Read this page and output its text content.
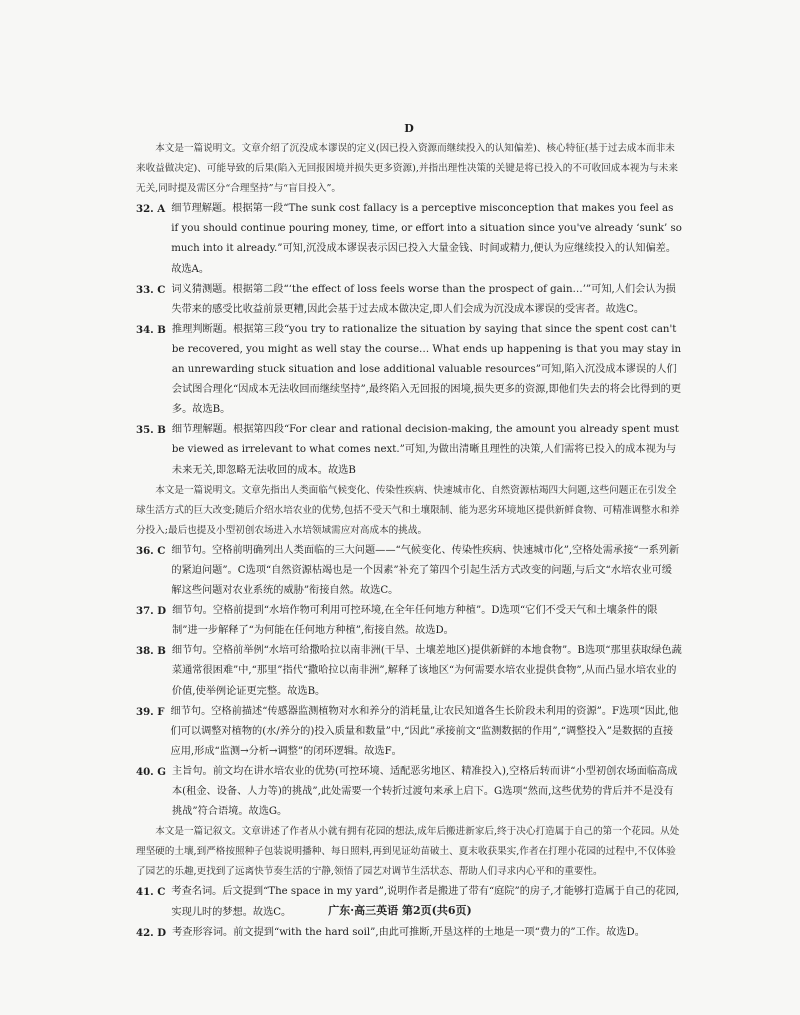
D

本文是一篇说明文。文章介绍了沉没成本谬误的定义(因已投入资源而继续投入的认知偏差)、核心特征(基于过去成本而非未来收益做决定)、可能导致的后果(陷入无回报困境并损失更多资源),并指出理性决策的关键是将已投入的不可收回成本视为与未来无关,同时提及需区分“合理坚持”与“盲目投入”。

32. A 细节理解题。根据第一段“The sunk cost fallacy is a perceptive misconception that makes you feel as if you should continue pouring money, time, or effort into a situation since you've already ‘sunk’ so much into it already.”可知,沉没成本谬误表示因已投入大量金钱、时间或精力,便认为应继续投入的认知偏差。故选A。

33. C 词义猜测题。根据第二段“‘the effect of loss feels worse than the prospect of gain…’”可知,人们会认为损失带来的感受比收益前景更糟,因此会基于过去成本做决定,即人们会成为沉没成本谬误的受害者。故选C。

34. B 推理判断题。根据第三段“you try to rationalize the situation by saying that since the spent cost can't be recovered, you might as well stay the course… What ends up happening is that you may stay in an unrewarding stuck situation and lose additional valuable resources”可知,陷入沉没成本谬误的人们会试图合理化“因成本无法收回而继续坚持”,最终陷入无回报的困境,损失更多的资源,即他们失去的将会比得到的更多。故选B。

35. B 细节理解题。根据第四段“For clear and rational decision-making, the amount you already spent must be viewed as irrelevant to what comes next.”可知,为做出清晰且理性的决策,人们需将已投入的成本视为与未来无关,即忽略无法收回的成本。故选B

本文是一篇说明文。文章先指出人类面临气候变化、传染性疾病、快速城市化、自然资源枯竭四大问题,这些问题正在引发全球生活方式的巨大改变;随后介绍水培农业的优势,包括不受天气和土壤限制、能为恶劣环境地区提供新鲜食物、可精准调整水和养分投入;最后也提及小型初创农场进入水培领域需应对高成本的挑战。

36. C 细节句。空格前明确列出人类面临的三大问题——“气候变化、传染性疾病、快速城市化”,空格处需承接“一系列新的紧迫问题”。C选项“自然资源枯竭也是一个因素”补充了第四个引起生活方式改变的问题,与后文“水培农业可缓解这些问题对农业系统的威胁”衔接自然。故选C。

37. D 细节句。空格前提到“水培作物可利用可控环境,在全年任何地方种植”。D选项“它们不受天气和土壤条件的限制”进一步解释了“为何能在任何地方种植”,衔接自然。故选D。

38. B 细节句。空格前举例“水培可给撒哈拉以南非洲(干旱、土壤差地区)提供新鲜的本地食物”。B选项“那里获取绿色蔬菜通常很困难”中,“那里”指代“撒哈拉以南非洲”,解释了该地区“为何需要水培农业提供食物”,从而凸显水培农业的价值,使举例论证更完整。故选B。

39. F 细节句。空格前描述“传感器监测植物对水和养分的消耗量,让农民知道各生长阶段未利用的资源”。F选项“因此,他们可以调整对植物的(水/养分的)投入质量和数量”中,“因此”承接前文“监测数据的作用”,“调整投入”是数据的直接应用,形成“监测→分析→调整”的闭环逻辑。故选F。

40. G 主旨句。前文均在讲水培农业的优势(可控环境、适配恶劣地区、精准投入),空格后转而讲“小型初创农场面临高成本(租金、设备、人力等)的挑战”,此处需要一个转折过渡句来承上启下。G选项“然而,这些优势的背后并不是没有挑战”符合语境。故选G。

本文是一篇记叙文。文章讲述了作者从小就有拥有花园的想法,成年后搬进新家后,终于决心打造属于自己的第一个花园。从处理坚硬的土壤,到严格按照种子包装说明播种、每日照料,再到见证幼苗破土、夏末收获果实,作者在打理小花园的过程中,不仅体验了园艺的乐趣,更找到了远离快节奏生活的宁静,领悟了园艺对调节生活状态、帮助人们寻求内心平和的重要性。

41. C 考查名词。后文提到“The space in my yard”,说明作者是搬进了带有“庭院”的房子,才能够打造属于自己的花园,实现儿时的梦想。故选C。

42. D 考查形容词。前文提到“with the hard soil”,由此可推断,开垦这样的土地是一项“费力的”工作。故选D。

广东·高三英语 第2页(共6页)
